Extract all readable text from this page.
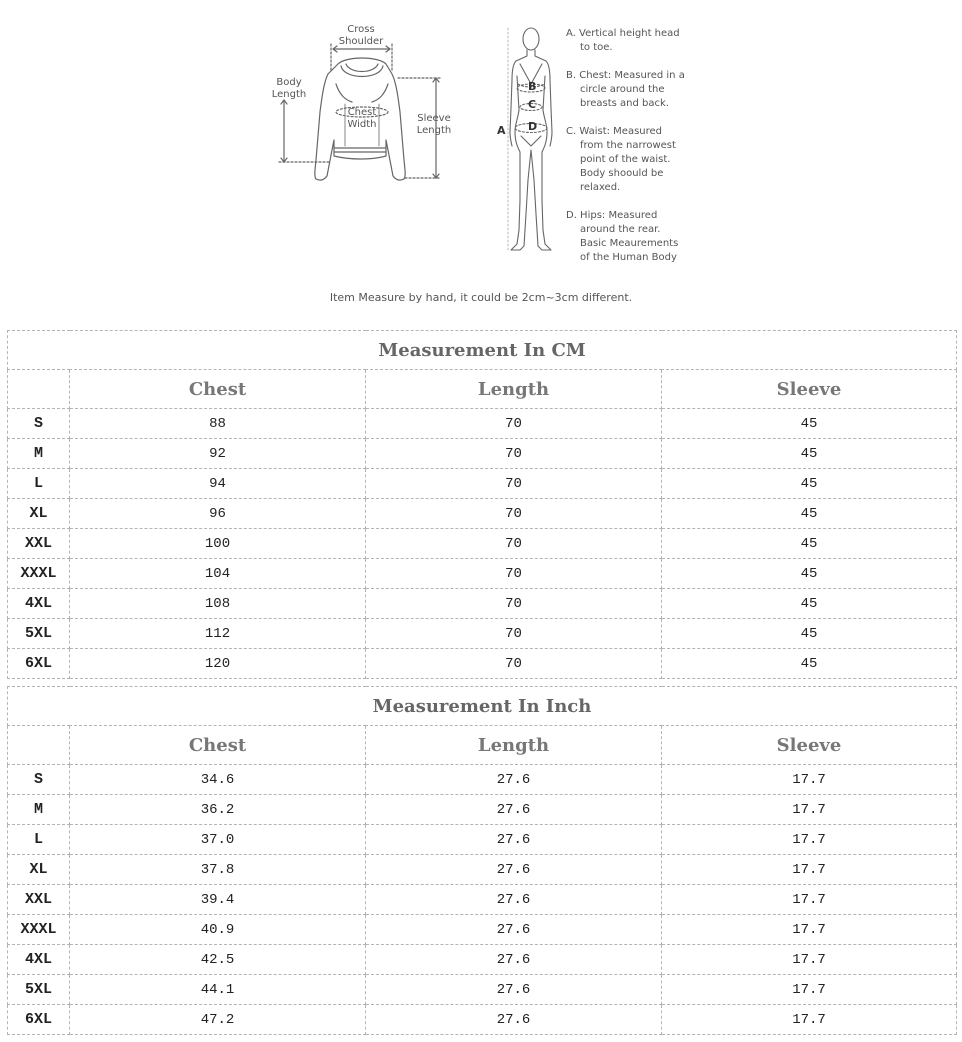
Cross
Shoulder
Body
Length
Chest
Width
Sleeve
Length	A
B
C
D
A. Vertical height head
to toe.
B. Chest: Measured in a
circle around the
breasts and back.
C. Waist: Measured
from the narrowest
point of the waist.
Body shoould be
relaxed.
D. Hips: Measured
around the rear.
Basic Meaurements
of the Human Body
Item Measure by hand, it could be 2cm~3cm different.
Measurement In CM			
	Chest	Length	Sleeve
S	88	70	45
M	92	70	45
L	94	70	45
XL	96	70	45
XXL	100	70	45
XXXL	104	70	45
4XL	108	70	45
5XL	112	70	45
6XL	120	70	45
Measurement In Inch			
	Chest	Length	Sleeve
S	34.6	27.6	17.7
M	36.2	27.6	17.7
L	37.0	27.6	17.7
XL	37.8	27.6	17.7
XXL	39.4	27.6	17.7
XXXL	40.9	27.6	17.7
4XL	42.5	27.6	17.7
5XL	44.1	27.6	17.7
6XL	47.2	27.6	17.7
